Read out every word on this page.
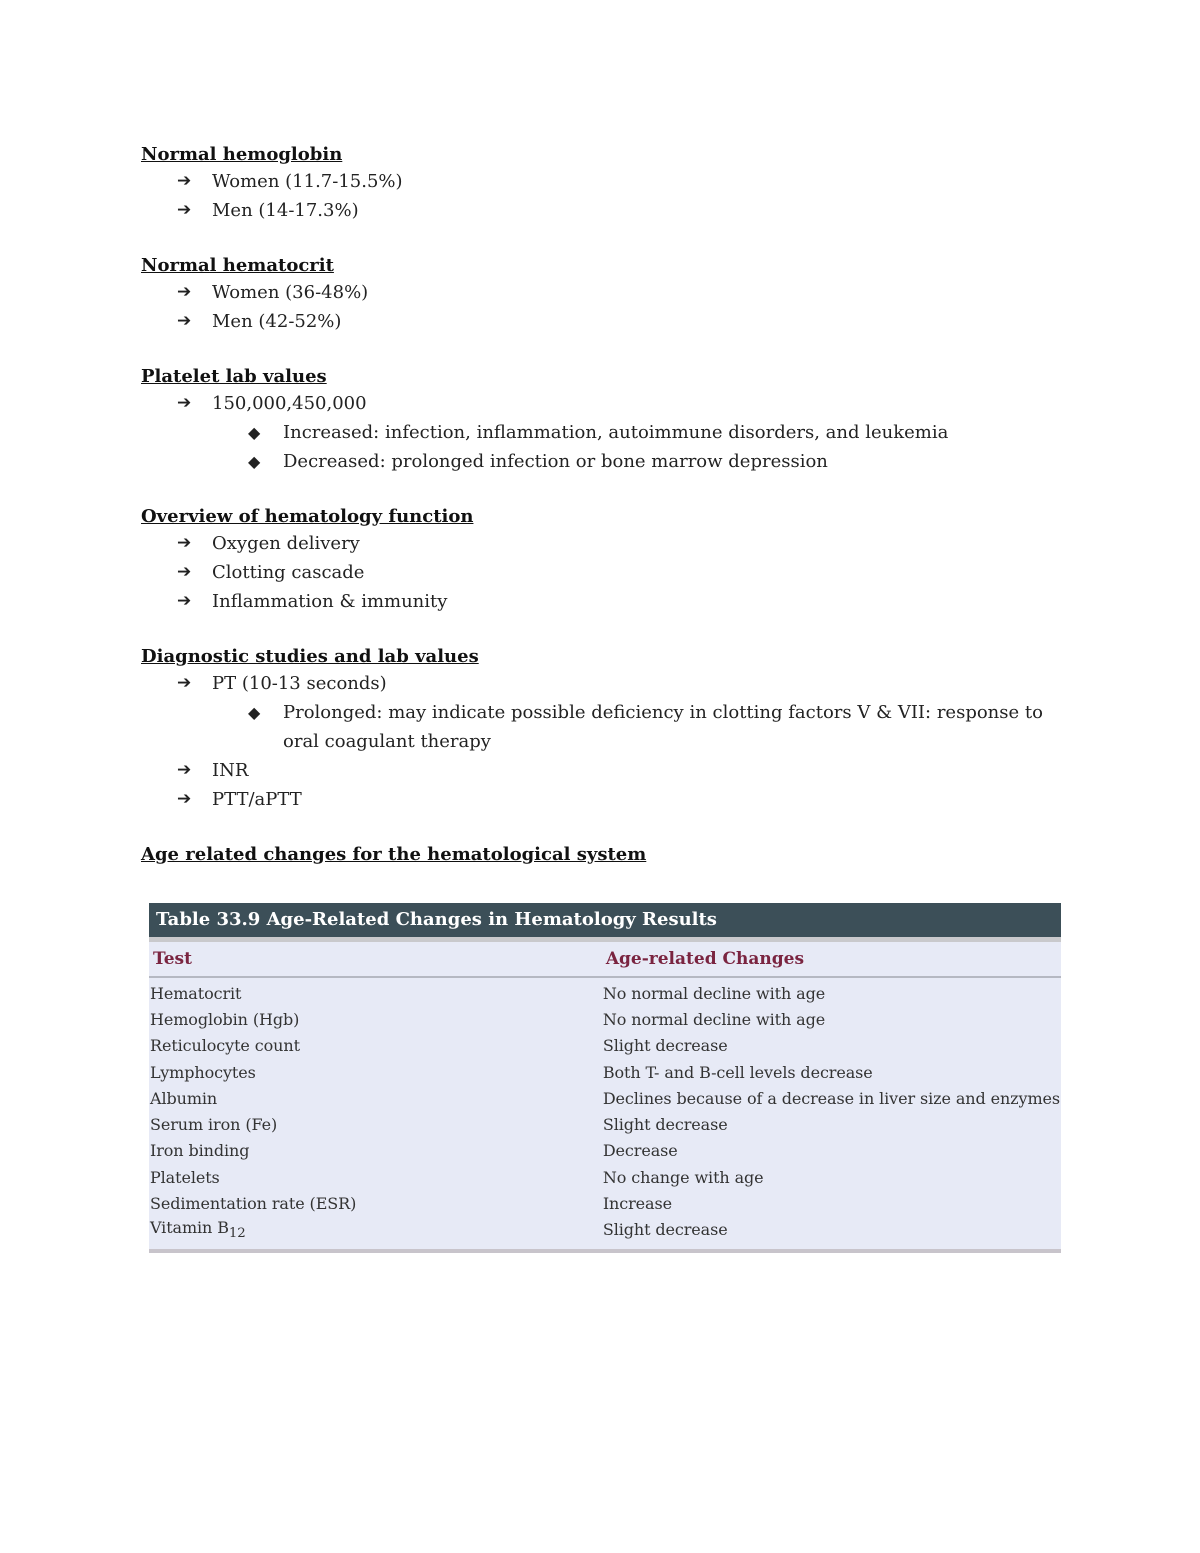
Normal hemoglobin
➔	Women (11.7-15.5%)
➔	Men (14-17.3%)
Normal hematocrit
➔	Women (36-48%)
➔	Men (42-52%)
Platelet lab values
➔	150,000,450,000
◆ Increased: infection, inflammation, autoimmune disorders, and leukemia
◆ Decreased: prolonged infection or bone marrow depression
Overview of hematology function
➔	Oxygen delivery
➔	Clotting cascade
➔	Inflammation & immunity
Diagnostic studies and lab values
➔	PT (10-13 seconds)
◆ Prolonged: may indicate possible deficiency in clotting factors V & VII: response to oral coagulant therapy
➔	INR
➔	PTT/aPTT
Age related changes for the hematological system
Table 33.9 Age-Related Changes in Hematology Results
Test	Age-related Changes
Hematocrit	No normal decline with age
Hemoglobin (Hgb)	No normal decline with age
Reticulocyte count	Slight decrease
Lymphocytes	Both T- and B-cell levels decrease
Albumin	Declines because of a decrease in liver size and enzymes
Serum iron (Fe)	Slight decrease
Iron binding	Decrease
Platelets	No change with age
Sedimentation rate (ESR)	Increase
Vitamin $B_{12}$	Slight decrease
